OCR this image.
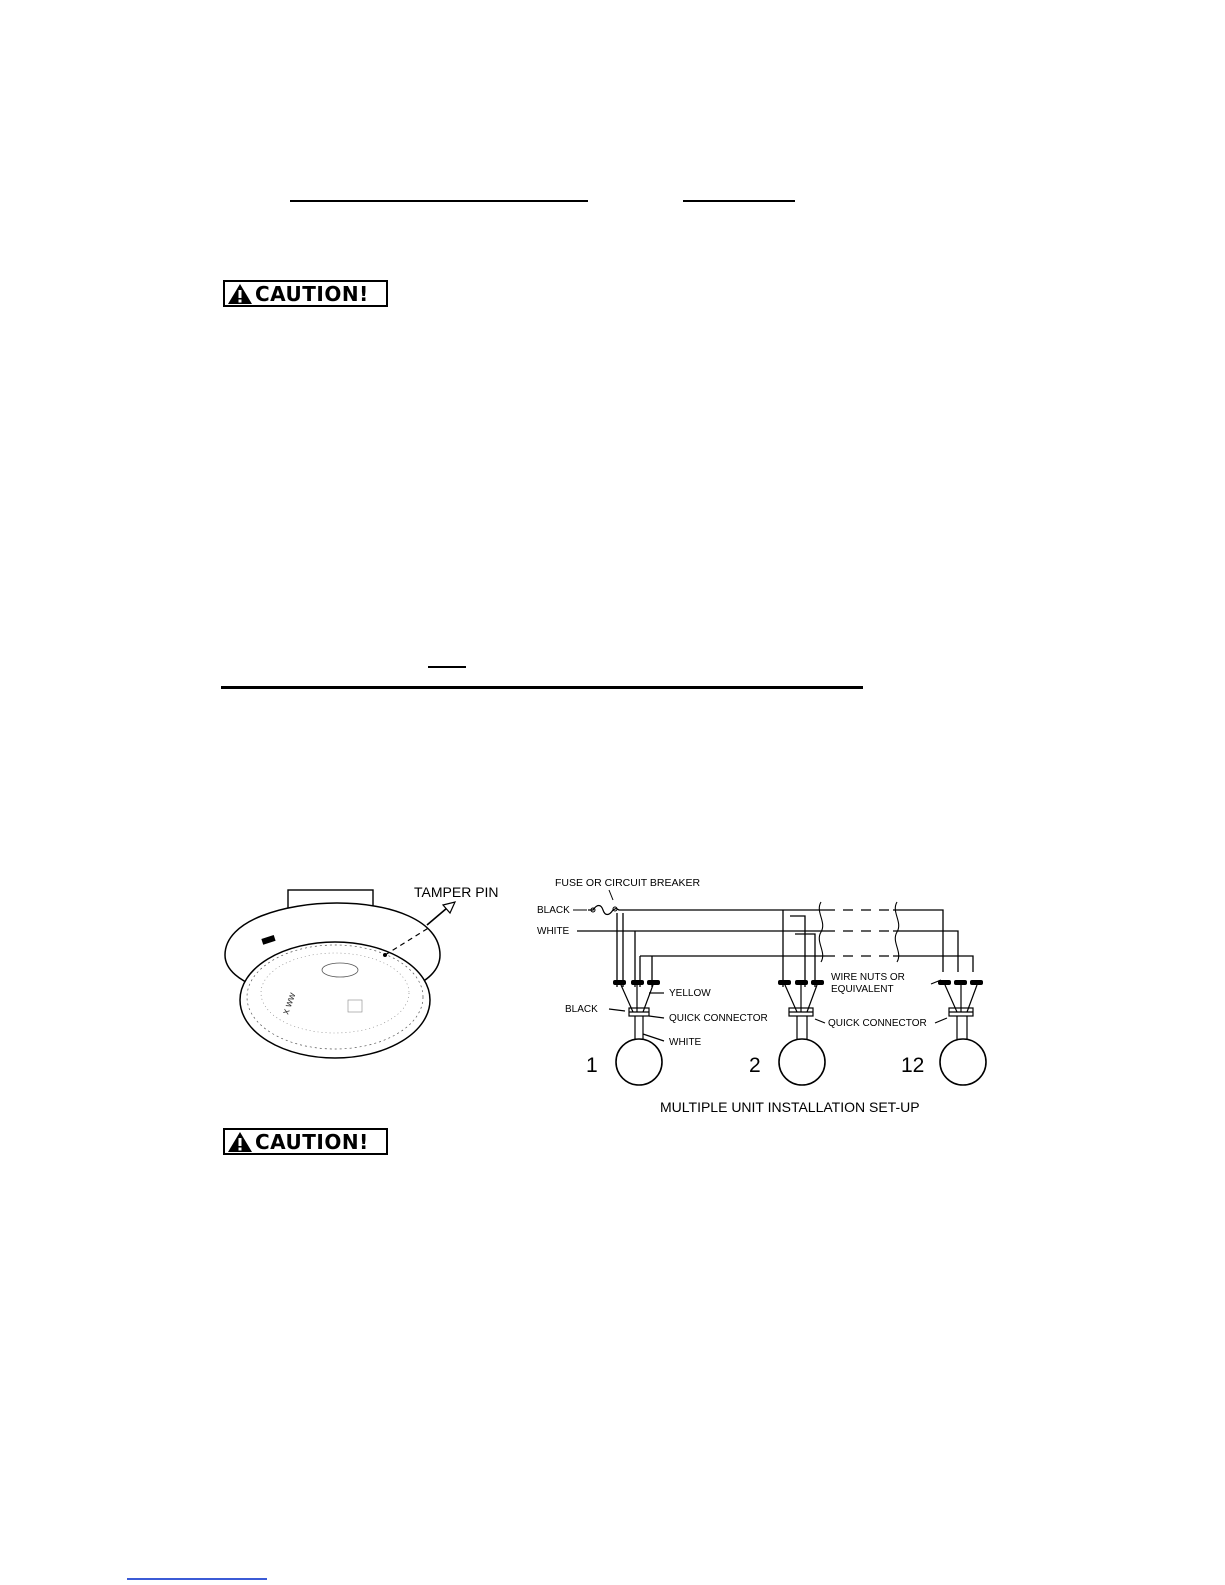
CAUTION!
x ww
TAMPER PIN
FUSE OR CIRCUIT BREAKER
BLACK
WHITE
YELLOW
BLACK
QUICK CONNECTOR
WHITE
QUICK CONNECTOR
WIRE NUTS OR
EQUIVALENT
1	2	12
MULTIPLE UNIT INSTALLATION SET-UP
CAUTION!
